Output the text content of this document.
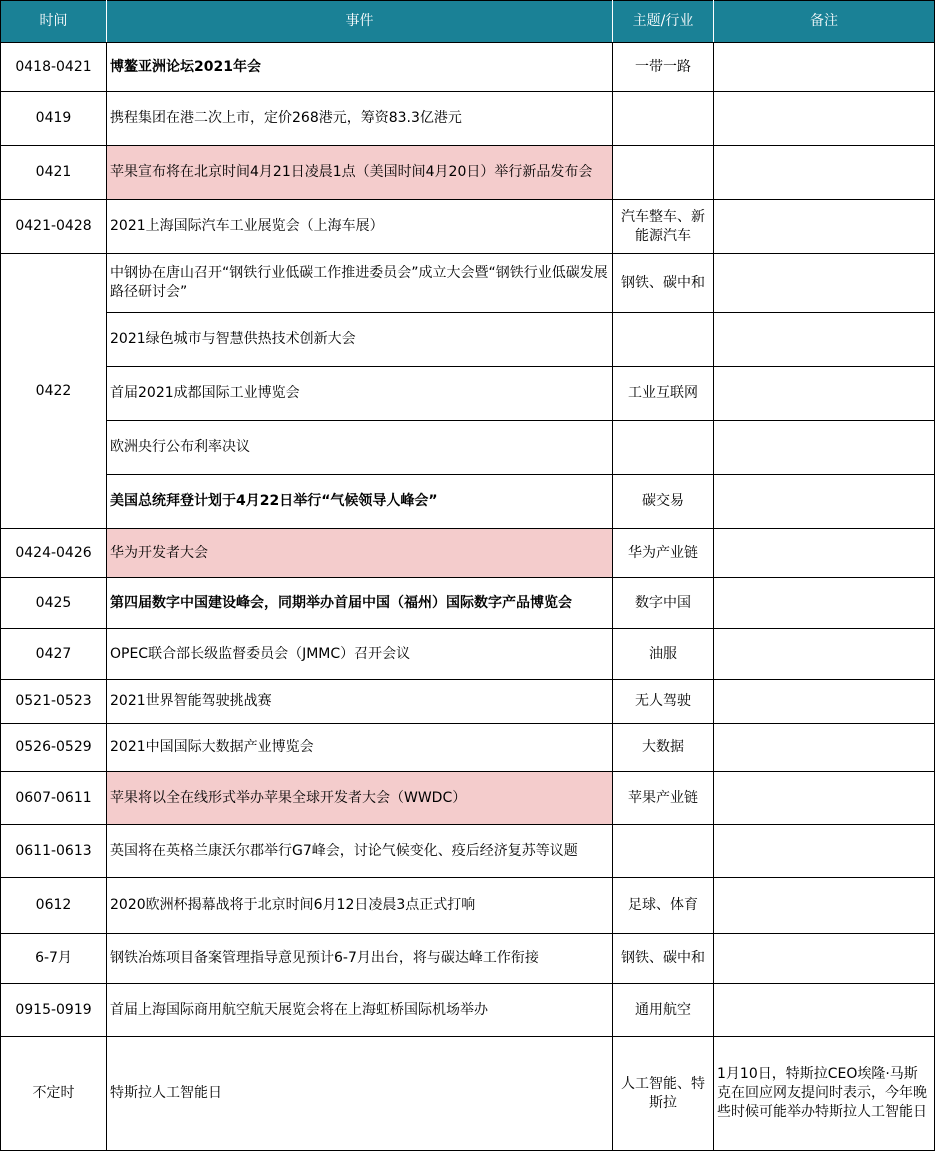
时间	事件	主题/行业	备注
0418-0421	博鳌亚洲论坛2021年会	一带一路	
0419	携程集团在港二次上市，定价268港元，筹资83.3亿港元		
0421	苹果宣布将在北京时间4月21日凌晨1点（美国时间4月20日）举行新品发布会		
0421-0428	2021上海国际汽车工业展览会（上海车展）	汽车整车、新能源汽车	
0422	中钢协在唐山召开“钢铁行业低碳工作推进委员会”成立大会暨“钢铁行业低碳发展路径研讨会”	钢铁、碳中和	
	2021绿色城市与智慧供热技术创新大会		
	首届2021成都国际工业博览会	工业互联网	
	欧洲央行公布利率决议		
	美国总统拜登计划于4月22日举行“气候领导人峰会”	碳交易	
0424-0426	华为开发者大会	华为产业链	
0425	第四届数字中国建设峰会，同期举办首届中国（福州）国际数字产品博览会	数字中国	
0427	OPEC联合部长级监督委员会（JMMC）召开会议	油服	
0521-0523	2021世界智能驾驶挑战赛	无人驾驶	
0526-0529	2021中国国际大数据产业博览会	大数据	
0607-0611	苹果将以全在线形式举办苹果全球开发者大会（WWDC）	苹果产业链	
0611-0613	英国将在英格兰康沃尔郡举行G7峰会，讨论气候变化、疫后经济复苏等议题		
0612	2020欧洲杯揭幕战将于北京时间6月12日凌晨3点正式打响	足球、体育	
6-7月	钢铁冶炼项目备案管理指导意见预计6-7月出台，将与碳达峰工作衔接	钢铁、碳中和	
0915-0919	首届上海国际商用航空航天展览会将在上海虹桥国际机场举办	通用航空	
不定时	特斯拉人工智能日	人工智能、特斯拉	1月10日，特斯拉CEO埃隆·马斯克在回应网友提问时表示，今年晚些时候可能举办特斯拉人工智能日
